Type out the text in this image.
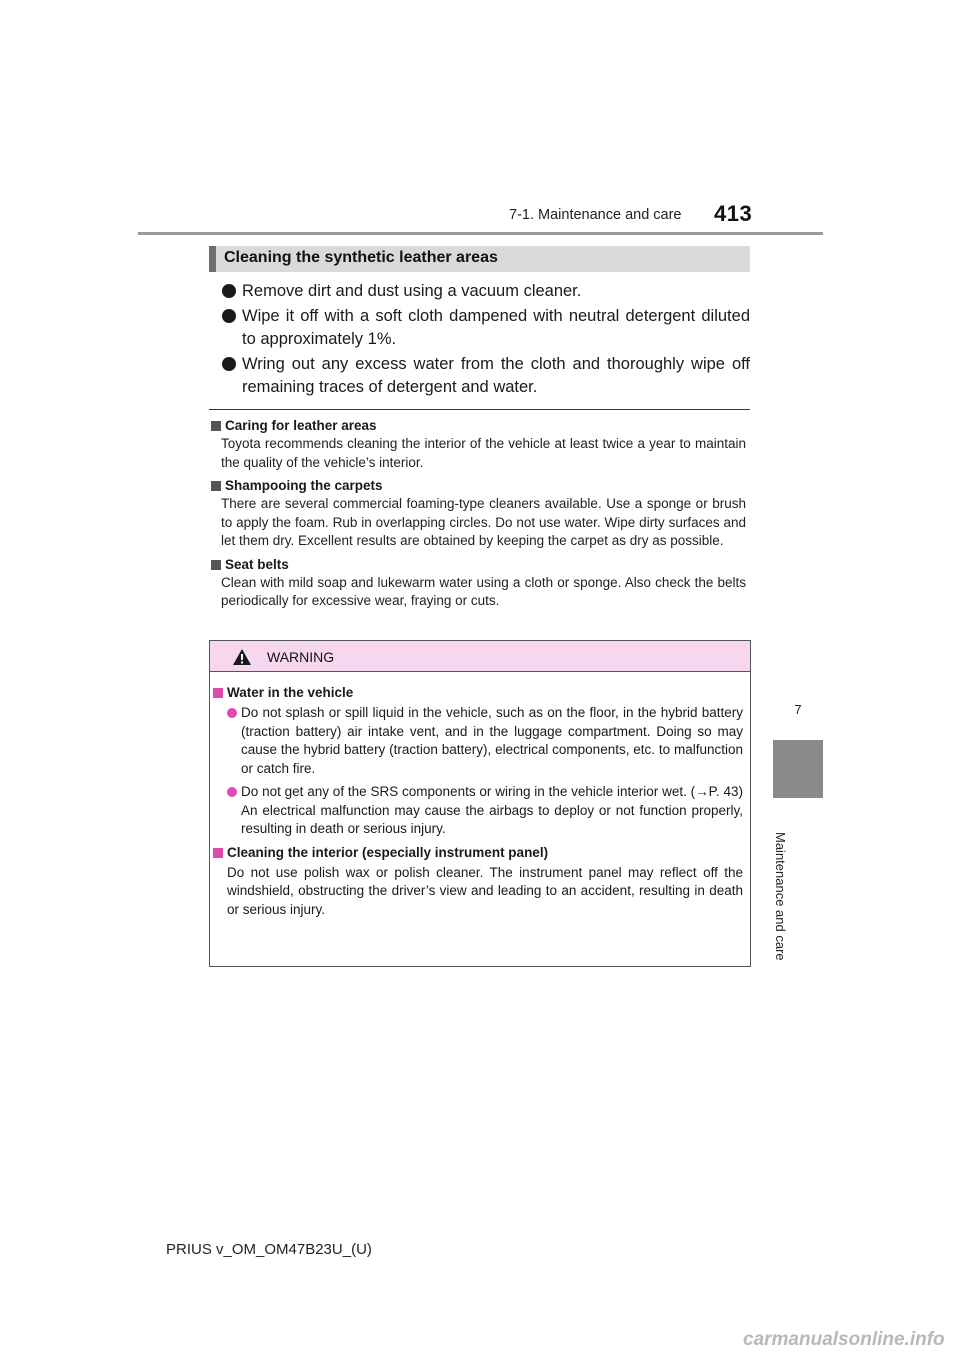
7-1. Maintenance and care 413
7
Maintenance and care
Cleaning the synthetic leather areas
Remove dirt and dust using a vacuum cleaner.
Wipe it off with a soft cloth dampened with neutral detergent diluted to approximately 1%.
Wring out any excess water from the cloth and thoroughly wipe off remaining traces of detergent and water.
Caring for leather areas
Toyota recommends cleaning the interior of the vehicle at least twice a year to maintain the quality of the vehicle’s interior.
Shampooing the carpets
There are several commercial foaming-type cleaners available. Use a sponge or brush to apply the foam. Rub in overlapping circles. Do not use water. Wipe dirty surfaces and let them dry. Excellent results are obtained by keeping the carpet as dry as possible.
Seat belts
Clean with mild soap and lukewarm water using a cloth or sponge. Also check the belts periodically for excessive wear, fraying or cuts.
WARNING
Water in the vehicle
Do not splash or spill liquid in the vehicle, such as on the floor, in the hybrid battery (traction battery) air intake vent, and in the luggage compartment. Doing so may cause the hybrid battery (traction battery), electrical components, etc. to malfunction or catch fire.
Do not get any of the SRS components or wiring in the vehicle interior wet. (→P. 43) An electrical malfunction may cause the airbags to deploy or not function properly, resulting in death or serious injury.
Cleaning the interior (especially instrument panel)
Do not use polish wax or polish cleaner. The instrument panel may reflect off the windshield, obstructing the driver’s view and leading to an accident, resulting in death or serious injury.
PRIUS v_OM_OM47B23U_(U)
carmanualsonline.info
